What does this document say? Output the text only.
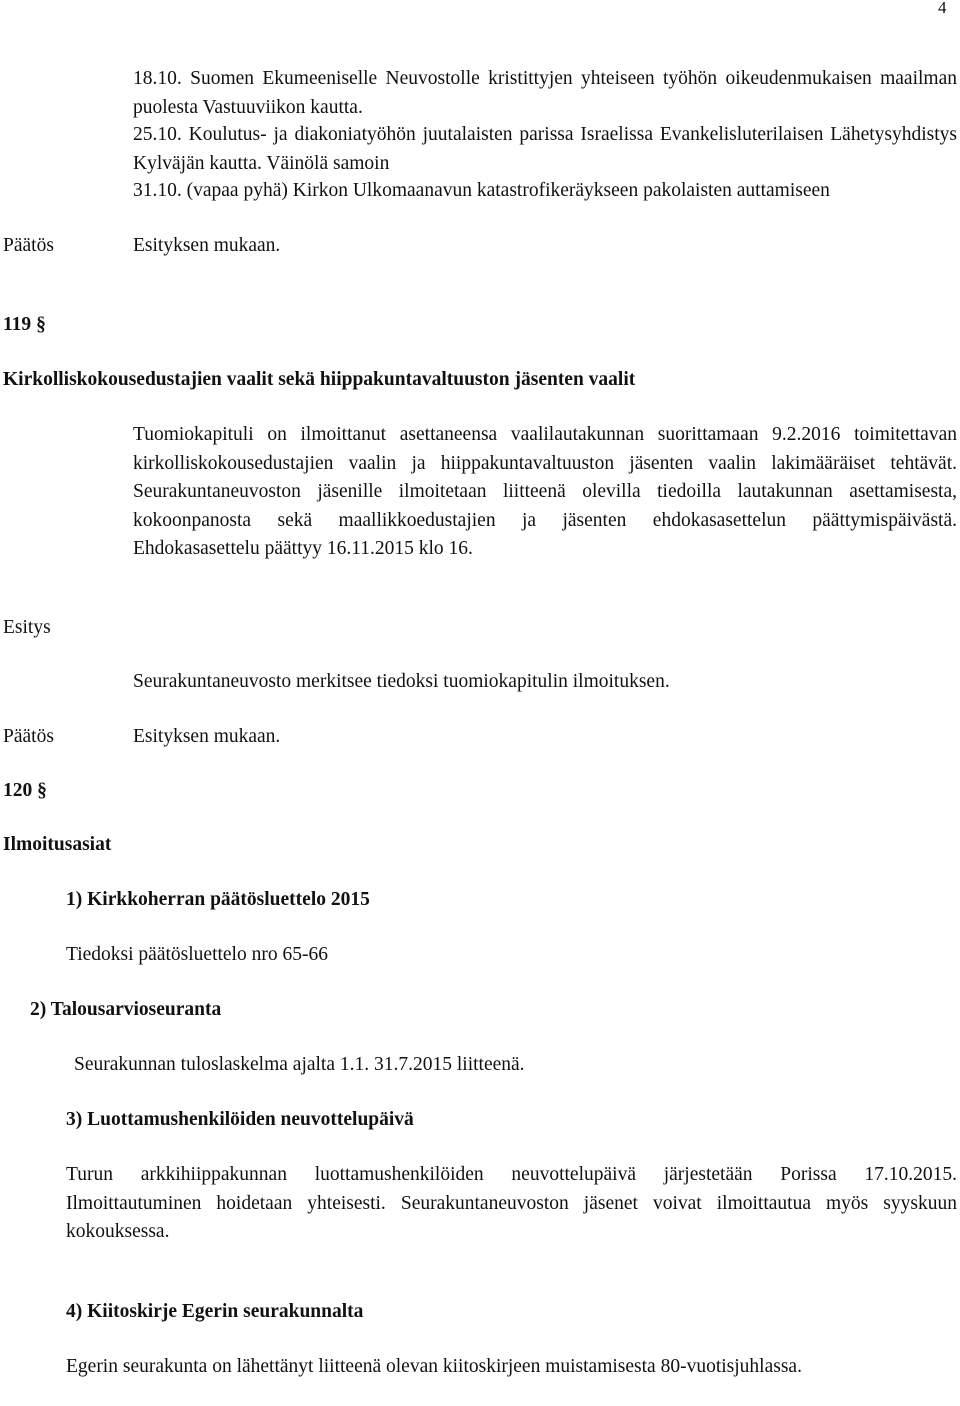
4
18.10. Suomen Ekumeeniselle Neuvostolle kristittyjen yhteiseen työhön oikeudenmukaisen maailman puolesta Vastuuviikon kautta.
25.10. Koulutus- ja diakoniatyöhön juutalaisten parissa Israelissa Evankelisluterilaisen Lähetysyhdistys Kylväjän kautta. Väinölä samoin
31.10. (vapaa pyhä) Kirkon Ulkomaanavun katastrofikeräykseen pakolaisten auttamiseen
Päätös	Esityksen mukaan.
119 §
Kirkolliskokousedustajien vaalit sekä hiippakuntavaltuuston jäsenten vaalit
Tuomiokapituli on ilmoittanut asettaneensa vaalilautakunnan suorittamaan 9.2.2016 toimitettavan kirkolliskokousedustajien vaalin ja hiippakuntavaltuuston jäsenten vaalin lakimääräiset tehtävät. Seurakuntaneuvoston jäsenille ilmoitetaan liitteenä olevilla tiedoilla lautakunnan asettamisesta, kokoonpanosta sekä maallikkoedustajien ja jäsenten ehdokasasettelun päättymispäivästä. Ehdokasasettelu päättyy 16.11.2015 klo 16.
Esitys
Seurakuntaneuvosto merkitsee tiedoksi tuomiokapitulin ilmoituksen.
Päätös	Esityksen mukaan.
120 §
Ilmoitusasiat
1) Kirkkoherran päätösluettelo 2015
Tiedoksi päätösluettelo nro 65-66
2) Talousarvioseuranta
Seurakunnan tuloslaskelma ajalta 1.1. 31.7.2015 liitteenä.
3) Luottamushenkilöiden neuvottelupäivä
Turun arkkihiippakunnan luottamushenkilöiden neuvottelupäivä järjestetään Porissa 17.10.2015. Ilmoittautuminen hoidetaan yhteisesti. Seurakuntaneuvoston jäsenet voivat ilmoittautua myös syyskuun kokouksessa.
4) Kiitoskirje Egerin seurakunnalta
Egerin seurakunta on lähettänyt liitteenä olevan kiitoskirjeen muistamisesta 80-vuotisjuhlassa.
